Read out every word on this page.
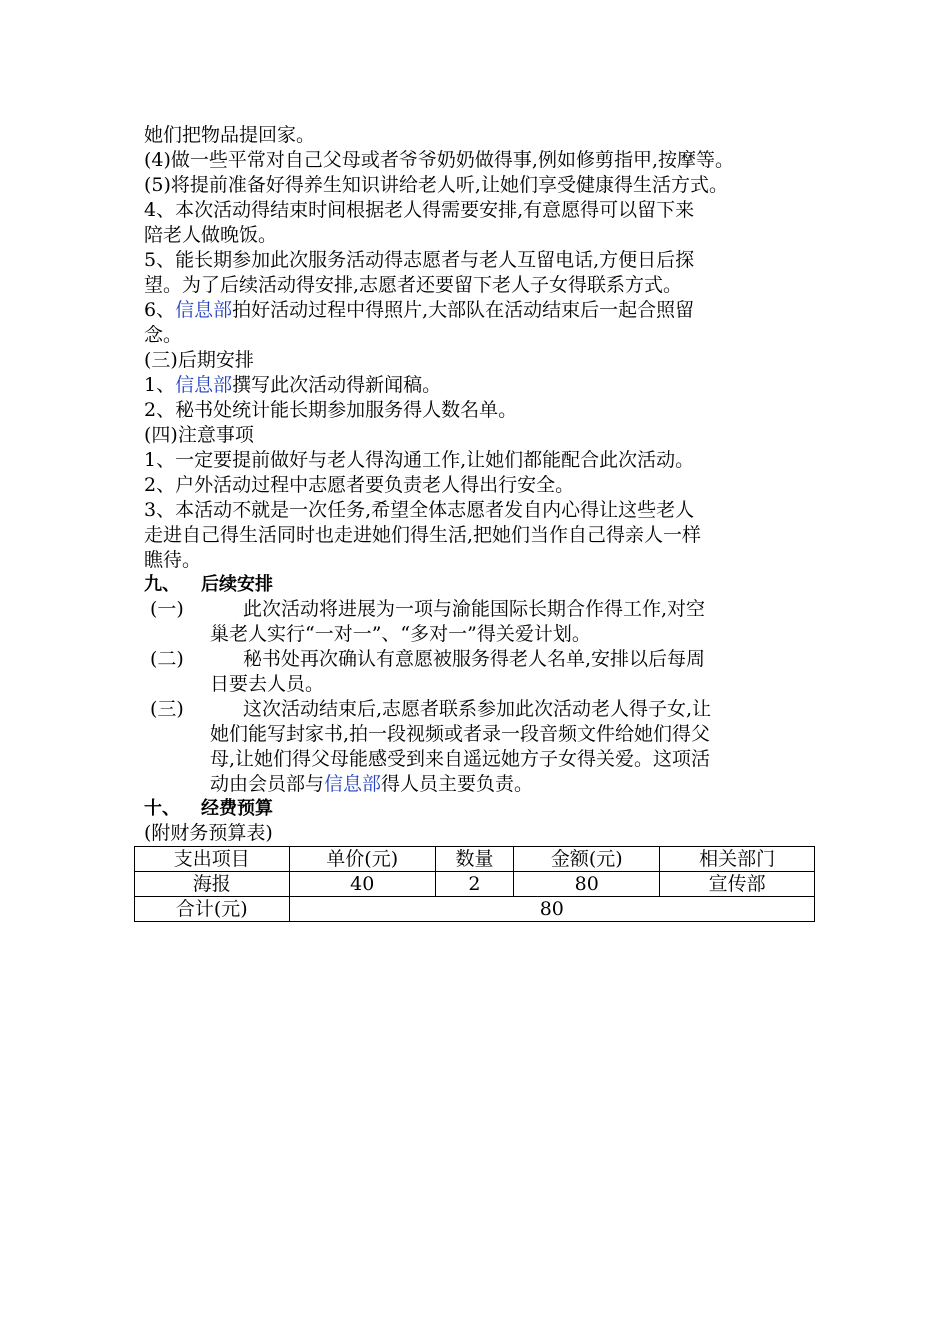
她们把物品提回家。
(4)做一些平常对自己父母或者爷爷奶奶做得事,例如修剪指甲,按摩等。
(5)将提前准备好得养生知识讲给老人听,让她们享受健康得生活方式。
4、本次活动得结束时间根据老人得需要安排,有意愿得可以留下来
陪老人做晚饭。
5、能长期参加此次服务活动得志愿者与老人互留电话,方便日后探
望。为了后续活动得安排,志愿者还要留下老人子女得联系方式。
6、信息部拍好活动过程中得照片,大部队在活动结束后一起合照留
念。
(三)后期安排
1、信息部撰写此次活动得新闻稿。
2、秘书处统计能长期参加服务得人数名单。
(四)注意事项
1、一定要提前做好与老人得沟通工作,让她们都能配合此次活动。
2、户外活动过程中志愿者要负责老人得出行安全。
3、本活动不就是一次任务,希望全体志愿者发自内心得让这些老人
走进自己得生活同时也走进她们得生活,把她们当作自己得亲人一样
瞧待。
九、 后续安排
(一)	此次活动将进展为一项与渝能国际长期合作得工作,对空
巢老人实行“一对一”、“多对一”得关爱计划。
(二)	秘书处再次确认有意愿被服务得老人名单,安排以后每周
日要去人员。
(三)	这次活动结束后,志愿者联系参加此次活动老人得子女,让
她们能写封家书,拍一段视频或者录一段音频文件给她们得父
母,让她们得父母能感受到来自遥远她方子女得关爱。这项活
动由会员部与信息部得人员主要负责。
十、 经费预算
(附财务预算表)
支出项目	单价(元)	数量	金额(元)	相关部门
海报	40	2	80	宣传部
合计(元)	80			
